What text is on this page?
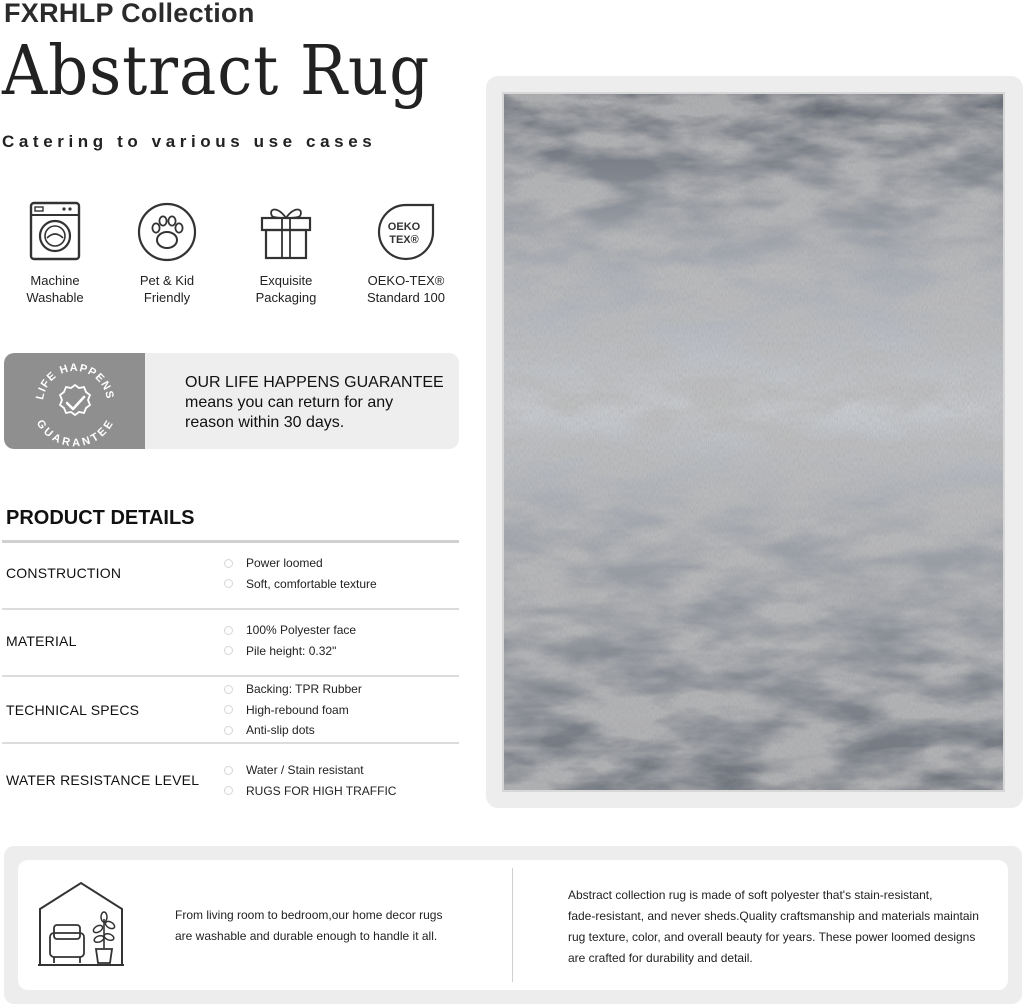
FXRHLP Collection
Abstract Rug
Catering to various use cases
Machine
Washable
Pet & Kid
Friendly
Exquisite
Packaging
OEKO
TEX®
OEKO-TEX®
Standard 100
LIFE HAPPENS
GUARANTEE
OUR LIFE HAPPENS GUARANTEE
means you can return for any
reason within 30 days.
PRODUCT DETAILS
CONSTRUCTION
Power loomed
Soft, comfortable texture
MATERIAL
100% Polyester face
Pile height: 0.32"
TECHNICAL SPECS
Backing: TPR Rubber
High-rebound foam
Anti-slip dots
WATER RESISTANCE LEVEL
Water / Stain resistant
RUGS FOR HIGH TRAFFIC
From living room to bedroom,our home decor rugs
are washable and durable enough to handle it all.
Abstract collection rug is made of soft polyester that's stain-resistant,
fade-resistant, and never sheds.Quality craftsmanship and materials maintain
rug texture, color, and overall beauty for years. These power loomed designs
are crafted for durability and detail.
